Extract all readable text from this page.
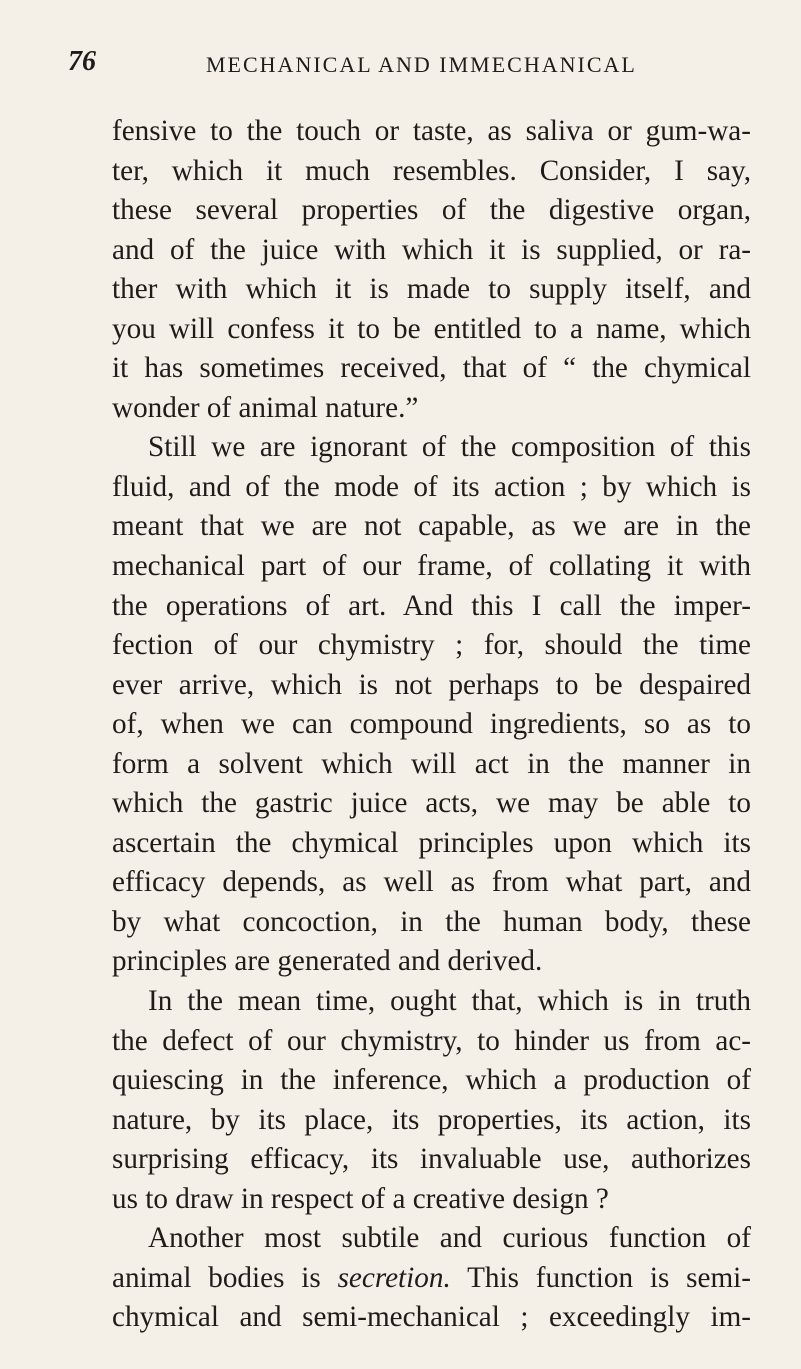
76	MECHANICAL AND IMMECHANICAL
fensive to the touch or taste, as saliva or gum-wa-
ter, which it much resembles. Consider, I say,
these several properties of the digestive organ,
and of the juice with which it is supplied, or ra-
ther with which it is made to supply itself, and
you will confess it to be entitled to a name, which
it has sometimes received, that of “ the chymical
wonder of animal nature.”
Still we are ignorant of the composition of this
fluid, and of the mode of its action ; by which is
meant that we are not capable, as we are in the
mechanical part of our frame, of collating it with
the operations of art. And this I call the imper-
fection of our chymistry ; for, should the time
ever arrive, which is not perhaps to be despaired
of, when we can compound ingredients, so as to
form a solvent which will act in the manner in
which the gastric juice acts, we may be able to
ascertain the chymical principles upon which its
efficacy depends, as well as from what part, and
by what concoction, in the human body, these
principles are generated and derived.
In the mean time, ought that, which is in truth
the defect of our chymistry, to hinder us from ac-
quiescing in the inference, which a production of
nature, by its place, its properties, its action, its
surprising efficacy, its invaluable use, authorizes
us to draw in respect of a creative design ?
Another most subtile and curious function of
animal bodies is secretion. This function is semi-
chymical and semi-mechanical ; exceedingly im-
